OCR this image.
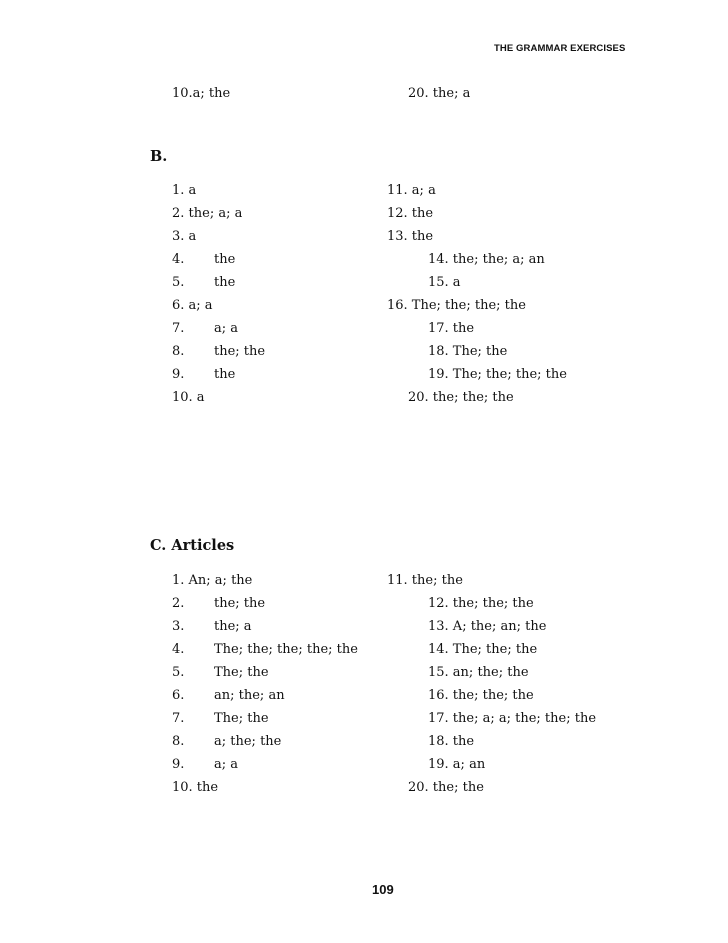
THE GRAMMAR EXERCISES
10.a; the	20. the; a
B.
1. a
2. the; a; a
3. a
4. the
5. the
6. a; a
7. a; a
8. the; the
9. the
10. a
11. a; a
12. the
13. the
14. the; the; a; an
15. a
16. The; the; the; the
17. the
18. The; the
19. The; the; the; the
20. the; the; the
C. Articles
1. An; a; the
2. the; the
3. the; a
4. The; the; the; the; the
5. The; the
6. an; the; an
7. The; the
8. a; the; the
9. a; a
10. the
11. the; the
12. the; the; the
13. A; the; an; the
14. The; the; the
15. an; the; the
16. the; the; the
17. the; a; a; the; the; the
18. the
19. a; an
20. the; the
109
